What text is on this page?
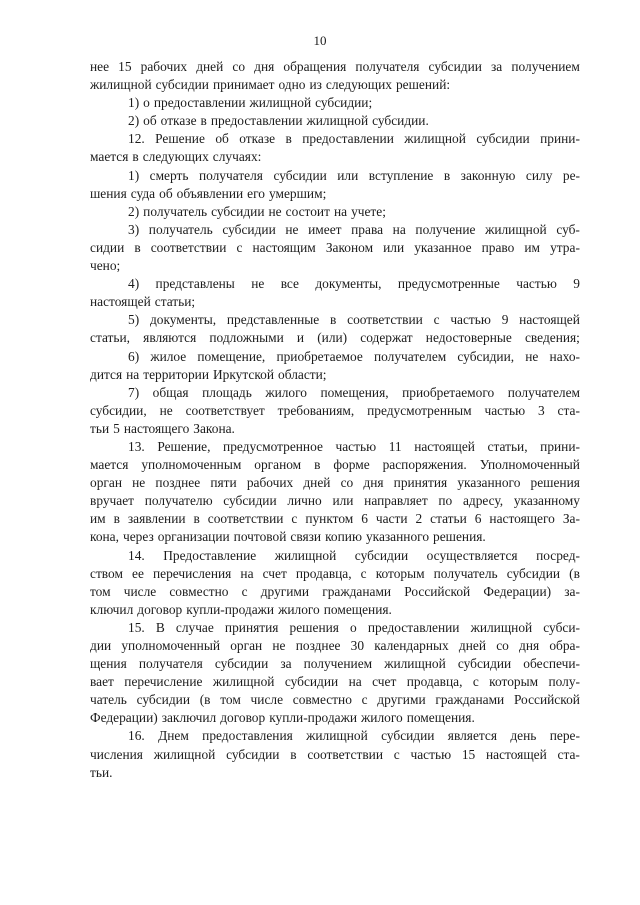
10
нее 15 рабочих дней со дня обращения получателя субсидии за получением
жилищной субсидии принимает одно из следующих решений:
1) о предоставлении жилищной субсидии;
2) об отказе в предоставлении жилищной субсидии.
12. Решение об отказе в предоставлении жилищной субсидии прини-
мается в следующих случаях:
1) смерть получателя субсидии или вступление в законную силу ре-
шения суда об объявлении его умершим;
2) получатель субсидии не состоит на учете;
3) получатель субсидии не имеет права на получение жилищной суб-
сидии в соответствии с настоящим Законом или указанное право им утра-
чено;
4) представлены не все документы, предусмотренные частью 9
настоящей статьи;
5) документы, представленные в соответствии с частью 9 настоящей
статьи, являются подложными и (или) содержат недостоверные сведения;
6) жилое помещение, приобретаемое получателем субсидии, не нахо-
дится на территории Иркутской области;
7) общая площадь жилого помещения, приобретаемого получателем
субсидии, не соответствует требованиям, предусмотренным частью 3 ста-
тьи 5 настоящего Закона.
13. Решение, предусмотренное частью 11 настоящей статьи, прини-
мается уполномоченным органом в форме распоряжения. Уполномоченный
орган не позднее пяти рабочих дней со дня принятия указанного решения
вручает получателю субсидии лично или направляет по адресу, указанному
им в заявлении в соответствии с пунктом 6 части 2 статьи 6 настоящего За-
кона, через организации почтовой связи копию указанного решения.
14. Предоставление жилищной субсидии осуществляется посред-
ством ее перечисления на счет продавца, с которым получатель субсидии (в
том числе совместно с другими гражданами Российской Федерации) за-
ключил договор купли-продажи жилого помещения.
15. В случае принятия решения о предоставлении жилищной субси-
дии уполномоченный орган не позднее 30 календарных дней со дня обра-
щения получателя субсидии за получением жилищной субсидии обеспечи-
вает перечисление жилищной субсидии на счет продавца, с которым полу-
чатель субсидии (в том числе совместно с другими гражданами Российской
Федерации) заключил договор купли-продажи жилого помещения.
16. Днем предоставления жилищной субсидии является день пере-
числения жилищной субсидии в соответствии с частью 15 настоящей ста-
тьи.
